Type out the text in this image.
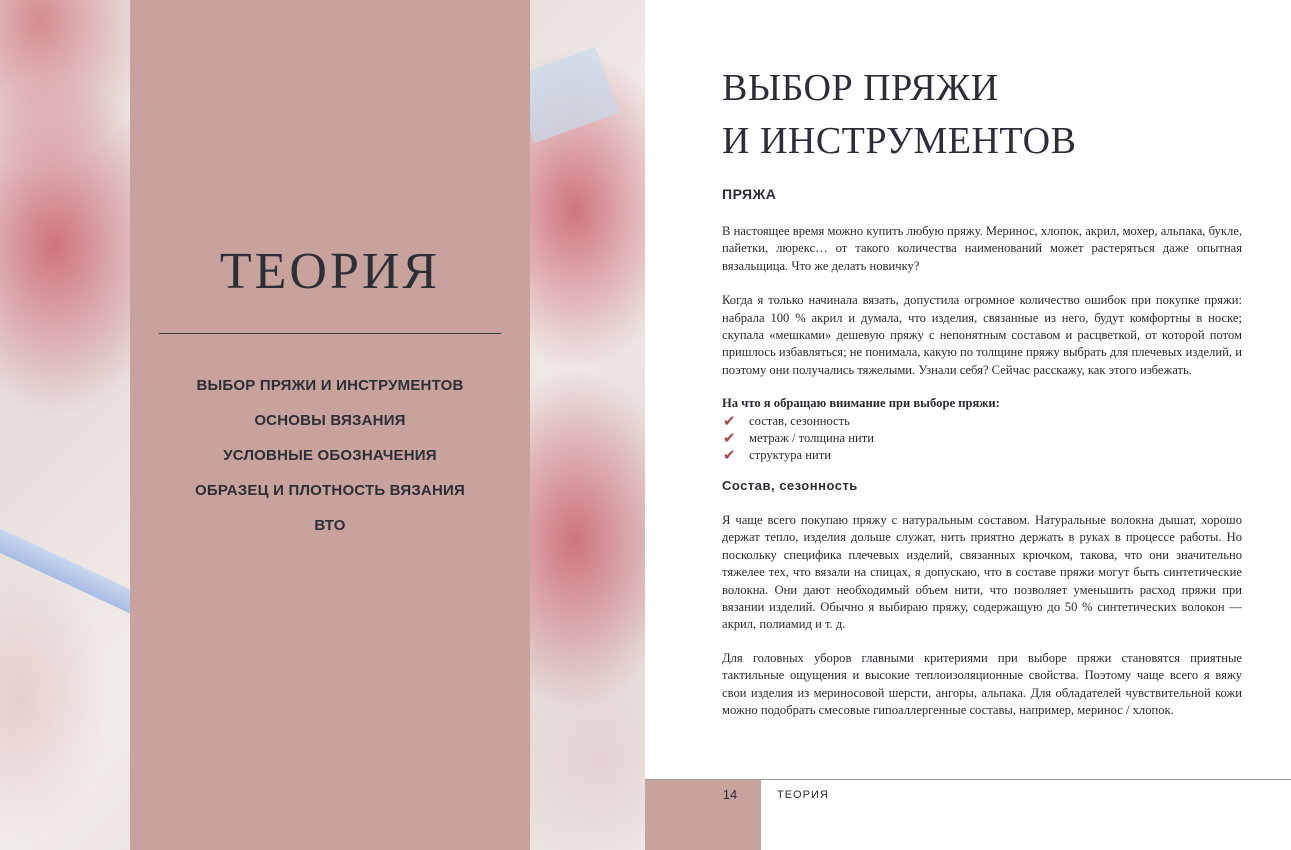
ТЕОРИЯ
ВЫБОР ПРЯЖИ И ИНСТРУМЕНТОВ
ОСНОВЫ ВЯЗАНИЯ
УСЛОВНЫЕ ОБОЗНАЧЕНИЯ
ОБРАЗЕЦ И ПЛОТНОСТЬ ВЯЗАНИЯ
ВТО
ВЫБОР ПРЯЖИ
И ИНСТРУМЕНТОВ

ПРЯЖА

В настоящее время можно купить любую пряжу. Меринос, хлопок, акрил, мохер, альпака, букле, пайетки, люрекс… от такого количества наименований может растеряться даже опытная вязальщица. Что же делать новичку?

Когда я только начинала вязать, допустила огромное количество ошибок при покупке пряжи: набрала 100 % акрил и думала, что изделия, связанные из него, будут комфортны в носке; скупала «мешками» дешевую пряжу с непонятным составом и расцветкой, от которой потом пришлось избавляться; не понимала, какую по толщине пряжу выбрать для плечевых изделий, и поэтому они получались тяжелыми. Узнали себя? Сейчас расскажу, как этого избежать.

На что я обращаю внимание при выборе пряжи:

✔ состав, сезонность
✔ метраж / толщина нити
✔ структура нити

Состав, сезонность

Я чаще всего покупаю пряжу с натуральным составом. Натуральные волокна дышат, хорошо держат тепло, изделия дольше служат, нить приятно держать в руках в процессе работы. Но поскольку специфика плечевых изделий, связанных крючком, такова, что они значительно тяжелее тех, что вязали на спицах, я допускаю, что в составе пряжи могут быть синтетические волокна. Они дают необходимый объем нити, что позволяет уменьшить расход пряжи при вязании изделий. Обычно я выбираю пряжу, содержащую до 50 % синтетических волокон — акрил, полиамид и т. д.

Для головных уборов главными критериями при выборе пряжи становятся приятные тактильные ощущения и высокие теплоизоляционные свойства. Поэтому чаще всего я вяжу свои изделия из мериносовой шерсти, ангоры, альпака. Для обладателей чувствительной кожи можно подобрать смесовые гипоаллергенные составы, например, меринос / хлопок.

14	ТЕОРИЯ
